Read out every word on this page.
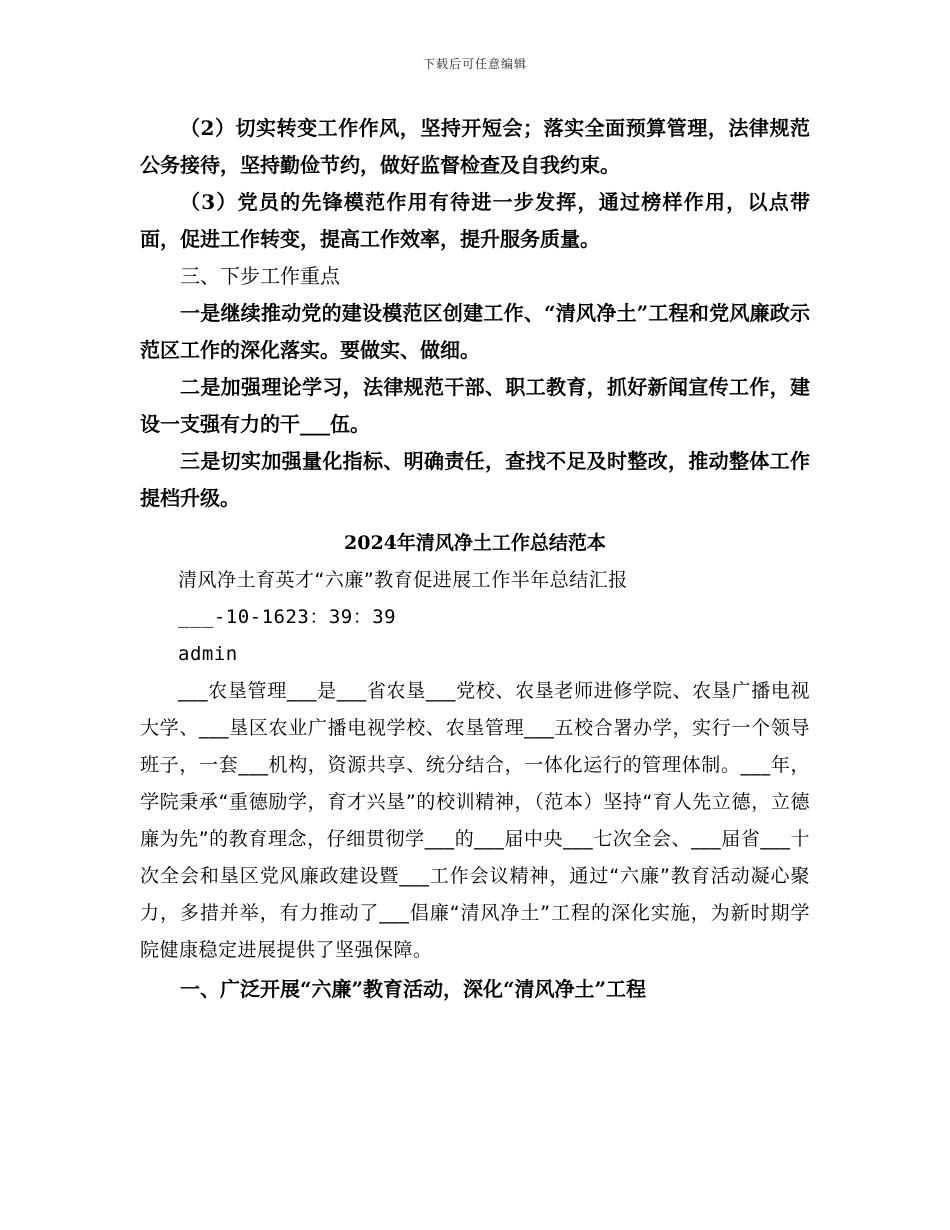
下载后可任意编辑

（2）切实转变工作作风，坚持开短会；落实全面预算管理，法律规范公务接待，坚持勤俭节约，做好监督检查及自我约束。

（3）党员的先锋模范作用有待进一步发挥，通过榜样作用，以点带面，促进工作转变，提高工作效率，提升服务质量。

三、下步工作重点

一是继续推动党的建设模范区创建工作、“清风净土”工程和党风廉政示范区工作的深化落实。要做实、做细。

二是加强理论学习，法律规范干部、职工教育，抓好新闻宣传工作，建设一支强有力的干___伍。

三是切实加强量化指标、明确责任，查找不足及时整改，推动整体工作提档升级。

2024年清风净土工作总结范本

清风净土育英才“六廉”教育促进展工作半年总结汇报

___-10-1623：39：39

admin

___农垦管理___是___省农垦___党校、农垦老师进修学院、农垦广播电视大学、___垦区农业广播电视学校、农垦管理___五校合署办学，实行一个领导班子，一套___机构，资源共享、统分结合，一体化运行的管理体制。___年，学院秉承“重德励学，育才兴垦”的校训精神，（范本）坚持“育人先立德，立德廉为先”的教育理念，仔细贯彻学___的___届中央___七次全会、___届省___十次全会和垦区党风廉政建设暨___工作会议精神，通过“六廉”教育活动凝心聚力，多措并举，有力推动了___倡廉“清风净土”工程的深化实施，为新时期学院健康稳定进展提供了坚强保障。

一、广泛开展“六廉”教育活动，深化“清风净土”工程
